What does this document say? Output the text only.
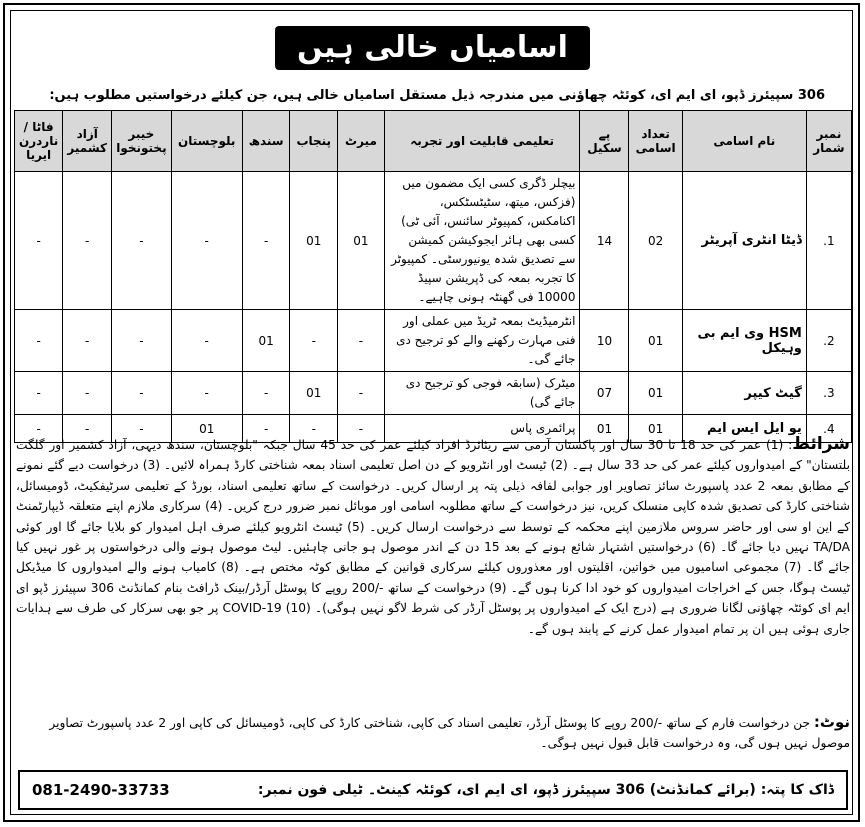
اسامیاں خالی ہیں
306 سپیئرز ڈپو، ای ایم ای، کوئٹہ چھاؤنی میں مندرجہ ذیل مستقل اسامیاں خالی ہیں، جن کیلئے درخواستیں مطلوب ہیں:
نمبر شمار	نام اسامی	تعداد اسامی	پے سکیل	تعلیمی قابلیت اور تجربہ	میرٹ	پنجاب	سندھ	بلوچستان	خیبر پختونخوا	آزاد کشمیر	فاٹا / ناردرن ایریا
1.	ڈیٹا انٹری آپریٹر	02	14	بیچلر ڈگری کسی ایک مضمون میں (فزکس، میتھ، سٹیٹسٹکس، اکنامکس، کمپیوٹر سائنس، آئی ٹی) کسی بھی ہائر ایجوکیشن کمیشن سے تصدیق شدہ یونیورسٹی۔ کمپیوٹر کا تجربہ بمعہ کی ڈپریشن سپیڈ 10000 فی گھنٹہ ہونی چاہیے۔	01	01	-	-	-	-	-
2.	HSM وی ایم بی وہیکل	01	10	انٹرمیڈیٹ بمعہ ٹریڈ میں عملی اور فنی مہارت رکھنے والے کو ترجیح دی جائے گی۔	-	-	01	-	-	-	-
3.	گیٹ کیپر	01	07	میٹرک (سابقہ فوجی کو ترجیح دی جائے گی)	-	01	-	-	-	-	-
4.	یو ایل ایس ایم	01	01	پرائمری پاس	-	-	-	01	-	-	-
شرائط: (1) عمر کی حد 18 تا 30 سال اور پاکستان آرمی سے ریٹائرڈ افراد کیلئے عمر کی حد 45 سال جبکہ "بلوچستان، سندھ دیہی، آزاد کشمیر اور گلگت بلتستان" کے امیدواروں کیلئے عمر کی حد 33 سال ہے۔ (2) ٹیسٹ اور انٹرویو کے دن اصل تعلیمی اسناد بمعہ شناختی کارڈ ہمراہ لائیں۔ (3) درخواست دیے گئے نمونے کے مطابق بمعہ 2 عدد پاسپورٹ سائز تصاویر اور جوابی لفافہ ذیلی پتہ پر ارسال کریں۔ درخواست کے ساتھ تعلیمی اسناد، بورڈ کے تعلیمی سرٹیفکیٹ، ڈومیسائل، شناختی کارڈ کی تصدیق شدہ کاپی منسلک کریں، نیز درخواست کے ساتھ مطلوبہ اسامی اور موبائل نمبر ضرور درج کریں۔ (4) سرکاری ملازم اپنے متعلقہ ڈیپارٹمنٹ کے این او سی اور حاضر سروس ملازمین اپنے محکمہ کے توسط سے درخواست ارسال کریں۔ (5) ٹیسٹ انٹرویو کیلئے صرف اہل امیدوار کو بلایا جائے گا اور کوئی TA/DA نہیں دیا جائے گا۔ (6) درخواستیں اشتہار شائع ہونے کے بعد 15 دن کے اندر موصول ہو جانی چاہئیں۔ لیٹ موصول ہونے والی درخواستوں پر غور نہیں کیا جائے گا۔ (7) مجموعی اسامیوں میں خواتین، اقلیتوں اور معذوروں کیلئے سرکاری قوانین کے مطابق کوٹہ مختص ہے۔ (8) کامیاب ہونے والے امیدواروں کا میڈیکل ٹیسٹ ہوگا، جس کے اخراجات امیدواروں کو خود ادا کرنا ہوں گے۔ (9) درخواست کے ساتھ -/200 روپے کا پوسٹل آرڈر/بینک ڈرافٹ بنام کمانڈنٹ 306 سپیئرز ڈپو ای ایم ای کوئٹہ چھاؤنی لگانا ضروری ہے (درج ایک کے امیدواروں پر پوسٹل آرڈر کی شرط لاگو نہیں ہوگی)۔ (10) COVID-19 پر جو بھی سرکار کی طرف سے ہدایات جاری ہوئی ہیں ان پر تمام امیدوار عمل کرنے کے پابند ہوں گے۔
نوٹ: جن درخواست فارم کے ساتھ -/200 روپے کا پوسٹل آرڈر، تعلیمی اسناد کی کاپی، شناختی کارڈ کی کاپی، ڈومیسائل کی کاپی اور 2 عدد پاسپورٹ تصاویر موصول نہیں ہوں گی، وہ درخواست قابل قبول نہیں ہوگی۔
081-2490-33733	ڈاک کا پتہ: (برائے کمانڈنٹ) 306 سپیئرز ڈپو، ای ایم ای، کوئٹہ کینٹ۔ ٹیلی فون نمبر:
